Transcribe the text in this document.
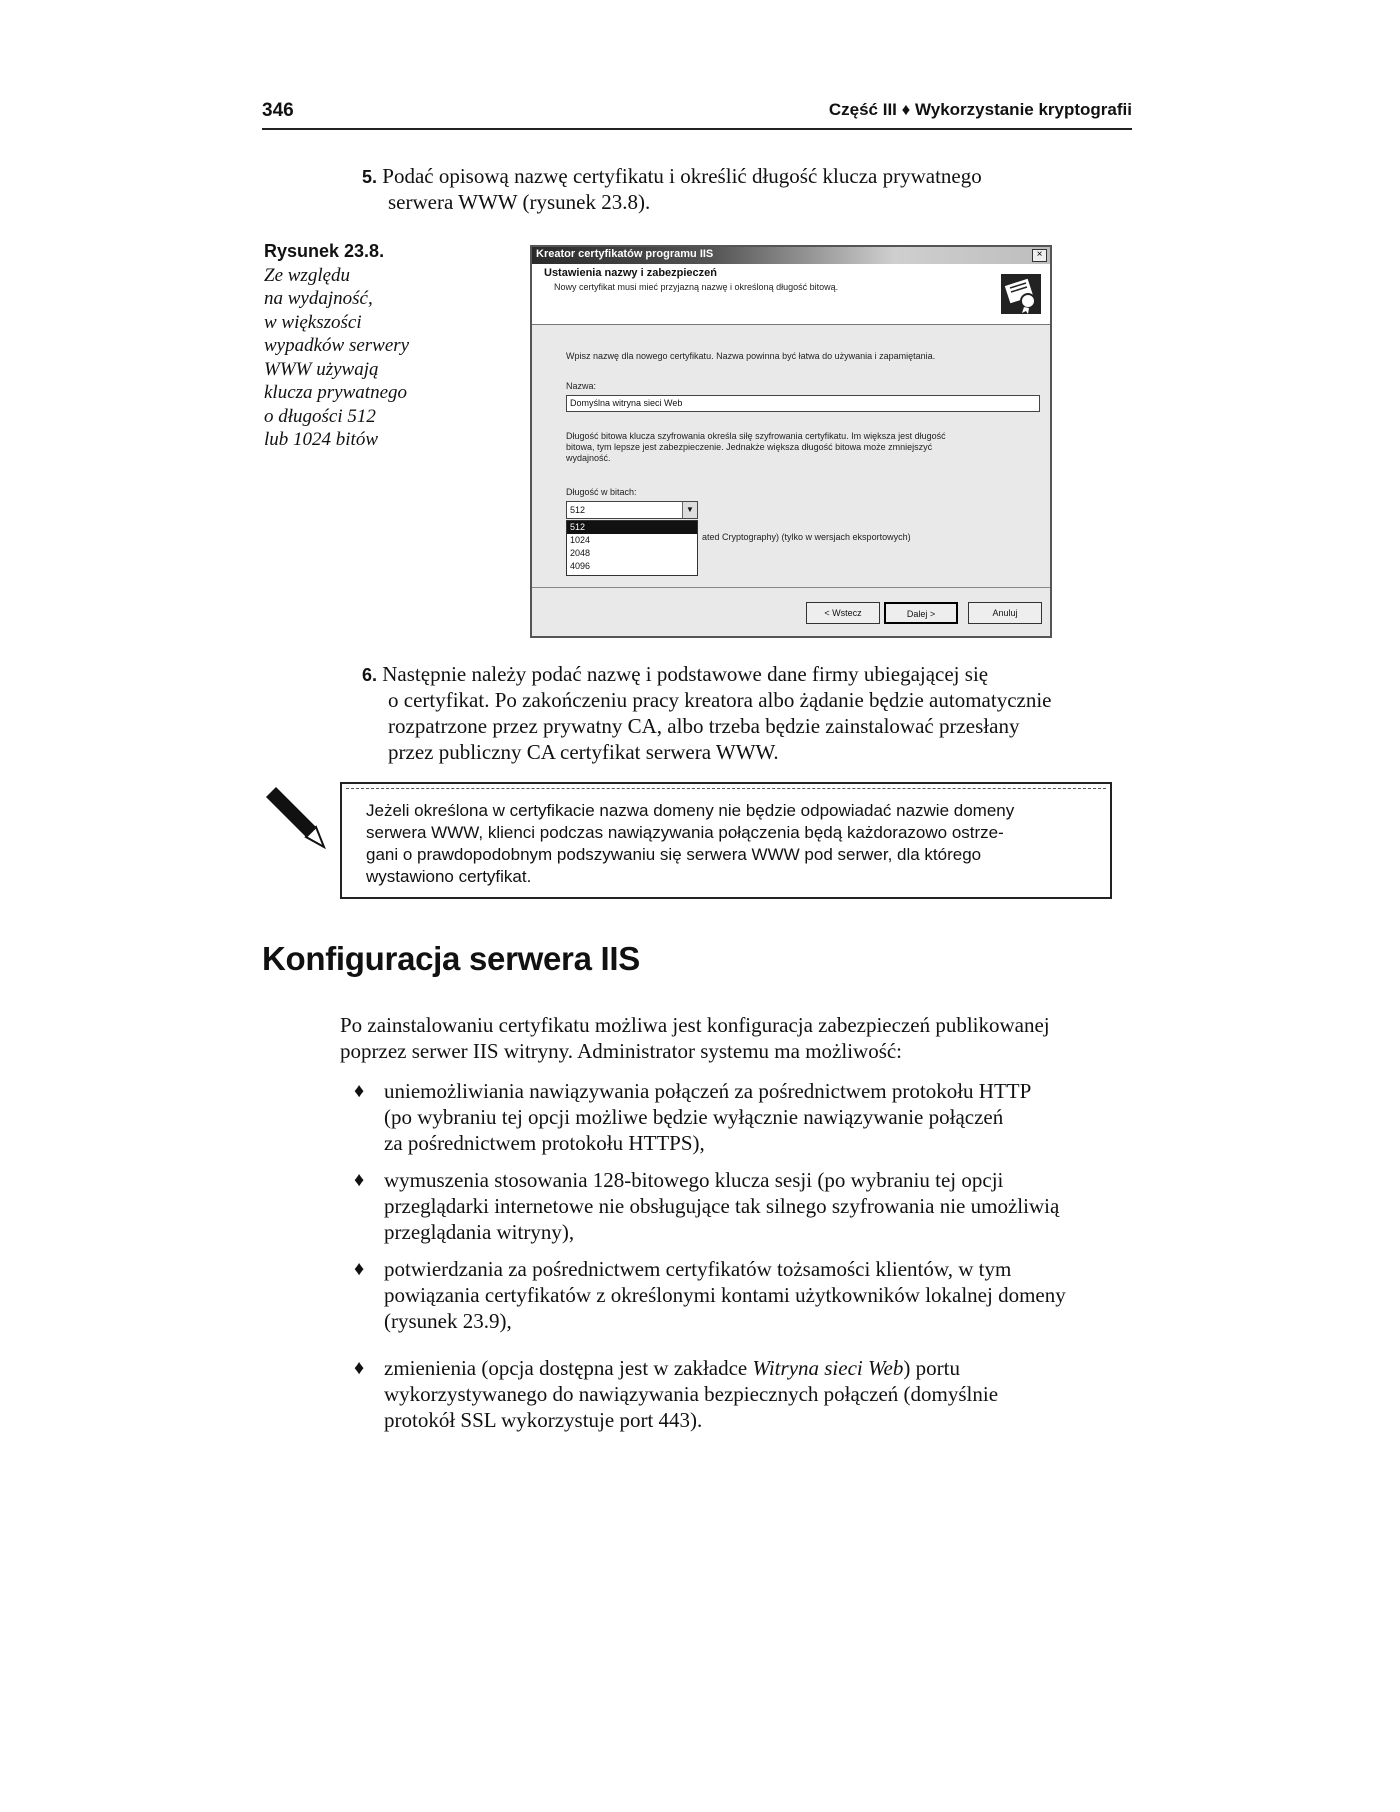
346	Część III ♦ Wykorzystanie kryptografii
5. Podać opisową nazwę certyfikatu i określić długość klucza prywatnego
serwera WWW (rysunek 23.8).
Rysunek 23.8.
Ze względu
na wydajność,
w większości
wypadków serwery
WWW używają
klucza prywatnego
o długości 512
lub 1024 bitów
Kreator certyfikatów programu IIS	×
Ustawienia nazwy i zabezpieczeń
Nowy certyfikat musi mieć przyjazną nazwę i określoną długość bitową.
Wpisz nazwę dla nowego certyfikatu. Nazwa powinna być łatwa do używania i zapamiętania.
Nazwa:
Domyślna witryna sieci Web
Długość bitowa klucza szyfrowania określa siłę szyfrowania certyfikatu. Im większa jest długość
bitowa, tym lepsze jest zabezpieczenie. Jednakże większa długość bitowa może zmniejszyć
wydajność.
Długość w bitach:
512	▼
512
1024
2048
4096
ated Cryptography) (tylko w wersjach eksportowych)
< Wstecz	Dalej >	Anuluj
6. Następnie należy podać nazwę i podstawowe dane firmy ubiegającej się
o certyfikat. Po zakończeniu pracy kreatora albo żądanie będzie automatycznie
rozpatrzone przez prywatny CA, albo trzeba będzie zainstalować przesłany
przez publiczny CA certyfikat serwera WWW.
Jeżeli określona w certyfikacie nazwa domeny nie będzie odpowiadać nazwie domeny
serwera WWW, klienci podczas nawiązywania połączenia będą każdorazowo ostrze-
gani o prawdopodobnym podszywaniu się serwera WWW pod serwer, dla którego
wystawiono certyfikat.
Konfiguracja serwera IIS
Po zainstalowaniu certyfikatu możliwa jest konfiguracja zabezpieczeń publikowanej
poprzez serwer IIS witryny. Administrator systemu ma możliwość:
♦ uniemożliwiania nawiązywania połączeń za pośrednictwem protokołu HTTP
(po wybraniu tej opcji możliwe będzie wyłącznie nawiązywanie połączeń
za pośrednictwem protokołu HTTPS),
♦ wymuszenia stosowania 128-bitowego klucza sesji (po wybraniu tej opcji
przeglądarki internetowe nie obsługujące tak silnego szyfrowania nie umożliwią
przeglądania witryny),
♦ potwierdzania za pośrednictwem certyfikatów tożsamości klientów, w tym
powiązania certyfikatów z określonymi kontami użytkowników lokalnej domeny
(rysunek 23.9),
♦ zmienienia (opcja dostępna jest w zakładce Witryna sieci Web) portu
wykorzystywanego do nawiązywania bezpiecznych połączeń (domyślnie
protokół SSL wykorzystuje port 443).
